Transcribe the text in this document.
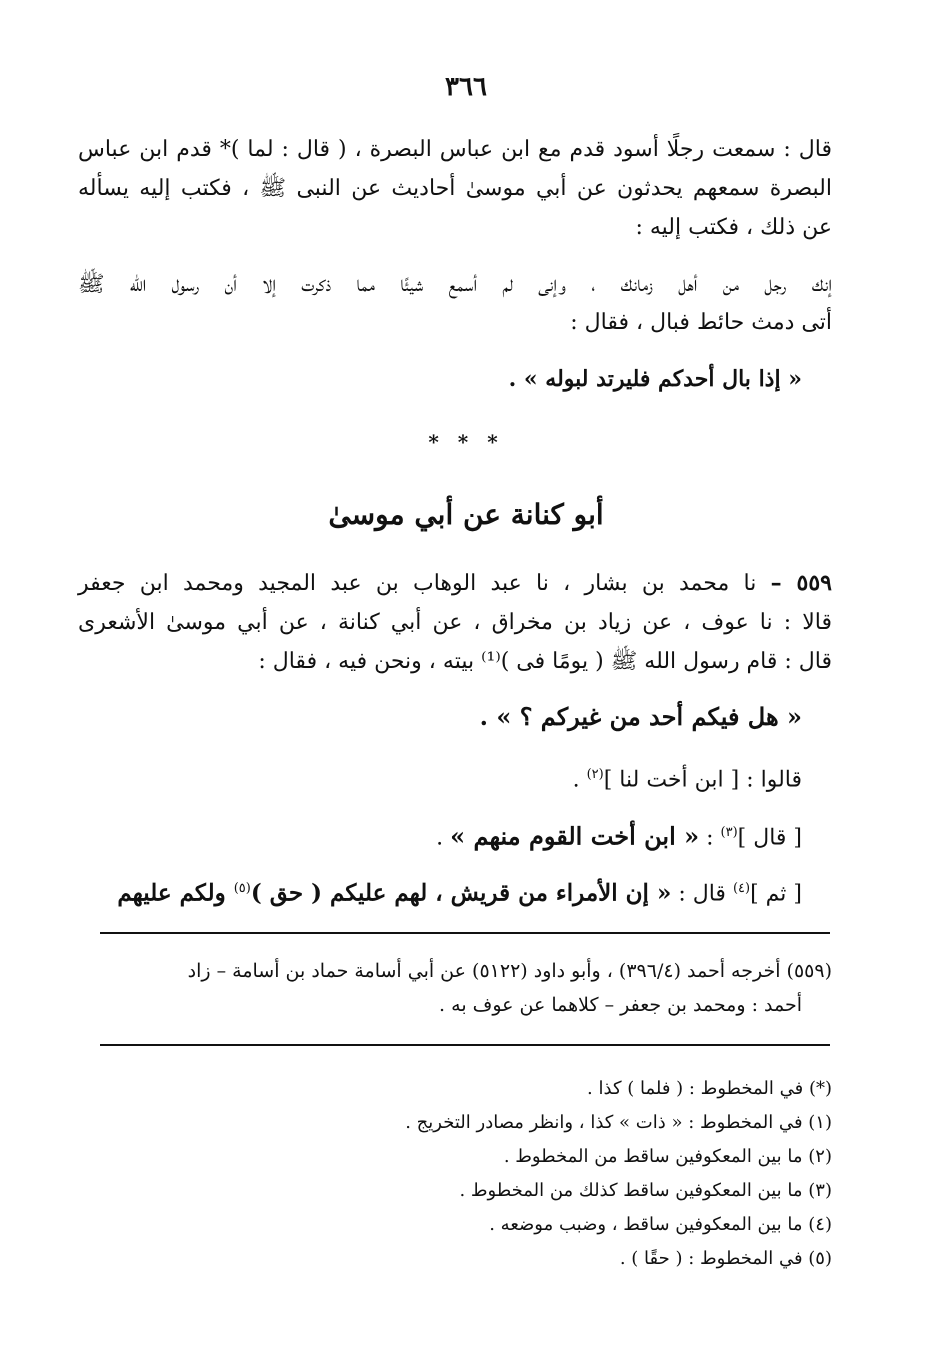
٣٦٦
قال : سمعت رجلًا أسود قدم مع ابن عباس البصرة ، ( قال : لما )* قدم ابن عباس
البصرة سمعهم يحدثون عن أبي موسىٰ أحاديث عن النبى ﷺ ، فكتب إليه يسأله
عن ذلك ، فكتب إليه :
إنك رجل من أهل زمانك ، وإنى لم أسمع شيئًا مما ذكرت إلا أن رسول الله ﷺ
أتى دمث حائط فبال ، فقال :
« إذا بال أحدكم فليرتد لبوله » .
* * *
أبو كنانة عن أبي موسىٰ
٥٥٩ – نا محمد بن بشار ، نا عبد الوهاب بن عبد المجيد ومحمد ابن جعفر
قالا : نا عوف ، عن زياد بن مخراق ، عن أبي كنانة ، عن أبي موسىٰ الأشعرى
قال : قام رسول الله ﷺ ( يومًا فى )⁽¹⁾ بيته ، ونحن فيه ، فقال :
« هل فيكم أحد من غيركم ؟ » .
قالوا : [ ابن أخت لنا ]$^{(٢)}$ .
[ قال ]$^{(٣)}$ : « ابن أخت القوم منهم » .
[ ثم ]$^{(٤)}$ قال : « إن الأمراء من قريش ، لهم عليكم ( حق )$^{(٥)}$ ولكم عليهم
(٥٥٩) أخرجه أحمد (٣٩٦/٤) ، وأبو داود (٥١٢٢) عن أبي أسامة حماد بن أسامة – زاد
أحمد : ومحمد بن جعفر – كلاهما عن عوف به .
(*) في المخطوط : ( فلما ) كذا .
(١) في المخطوط : « ذات » كذا ، وانظر مصادر التخريج .
(٢) ما بين المعكوفين ساقط من المخطوط .
(٣) ما بين المعكوفين ساقط كذلك من المخطوط .
(٤) ما بين المعكوفين ساقط ، وضبب موضعه .
(٥) في المخطوط : ( حقًا ) .
